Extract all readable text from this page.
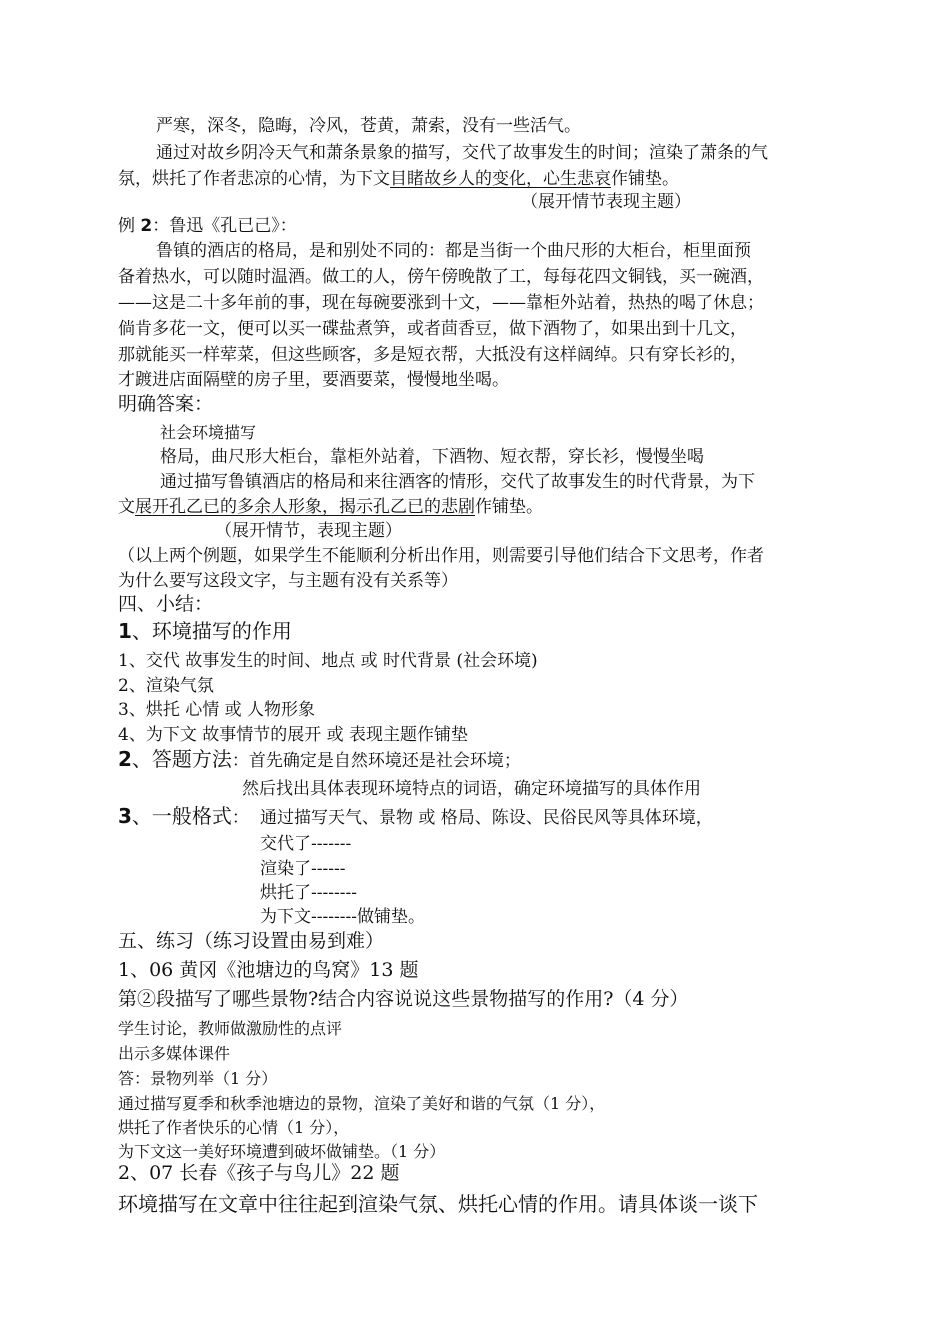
严寒，深冬，隐晦，冷风，苍黄，萧索，没有一些活气。
通过对故乡阴冷天气和萧条景象的描写，交代了故事发生的时间；渲染了萧条的气
氛，烘托了作者悲凉的心情，为下文目睹故乡人的变化，心生悲哀作铺垫。
（展开情节表现主题）
例 2：鲁迅《孔已己》：
鲁镇的酒店的格局，是和别处不同的：都是当街一个曲尺形的大柜台，柜里面预
备着热水，可以随时温酒。做工的人，傍午傍晚散了工，每每花四文铜钱，买一碗酒，
——这是二十多年前的事，现在每碗要涨到十文，——靠柜外站着，热热的喝了休息；
倘肯多花一文，便可以买一碟盐煮笋，或者茴香豆，做下酒物了，如果出到十几文，
那就能买一样荤菜，但这些顾客，多是短衣帮，大抵没有这样阔绰。只有穿长衫的，
才踱进店面隔壁的房子里，要酒要菜，慢慢地坐喝。
明确答案：
社会环境描写
格局，曲尺形大柜台，靠柜外站着，下酒物、短衣帮，穿长衫，慢慢坐喝
通过描写鲁镇酒店的格局和来往酒客的情形，交代了故事发生的时代背景，为下
文展开孔乙已的多余人形象，揭示孔乙已的悲剧作铺垫。
（展开情节，表现主题）
（以上两个例题，如果学生不能顺利分析出作用，则需要引导他们结合下文思考，作者
为什么要写这段文字，与主题有没有关系等）
四、小结：
1、环境描写的作用
1、交代 故事发生的时间、地点 或 时代背景 (社会环境)
2、渲染气氛
3、烘托 心情 或 人物形象
4、为下文 故事情节的展开 或 表现主题作铺垫
2、答题方法：首先确定是自然环境还是社会环境；
然后找出具体表现环境特点的词语，确定环境描写的具体作用
3、一般格式： 通过描写天气、景物 或 格局、陈设、民俗民风等具体环境，
交代了-------
渲染了------
烘托了--------
为下文--------做铺垫。
五、练习（练习设置由易到难）
1、06 黄冈《池塘边的鸟窝》13 题
第②段描写了哪些景物?结合内容说说这些景物描写的作用?（4 分）
学生讨论，教师做激励性的点评
出示多媒体课件
答：景物列举（1 分）
通过描写夏季和秋季池塘边的景物，渲染了美好和谐的气氛（1 分），
烘托了作者快乐的心情（1 分），
为下文这一美好环境遭到破坏做铺垫。（1 分）
2、07 长春《孩子与鸟儿》22 题
环境描写在文章中往往起到渲染气氛、烘托心情的作用。请具体谈一谈下
